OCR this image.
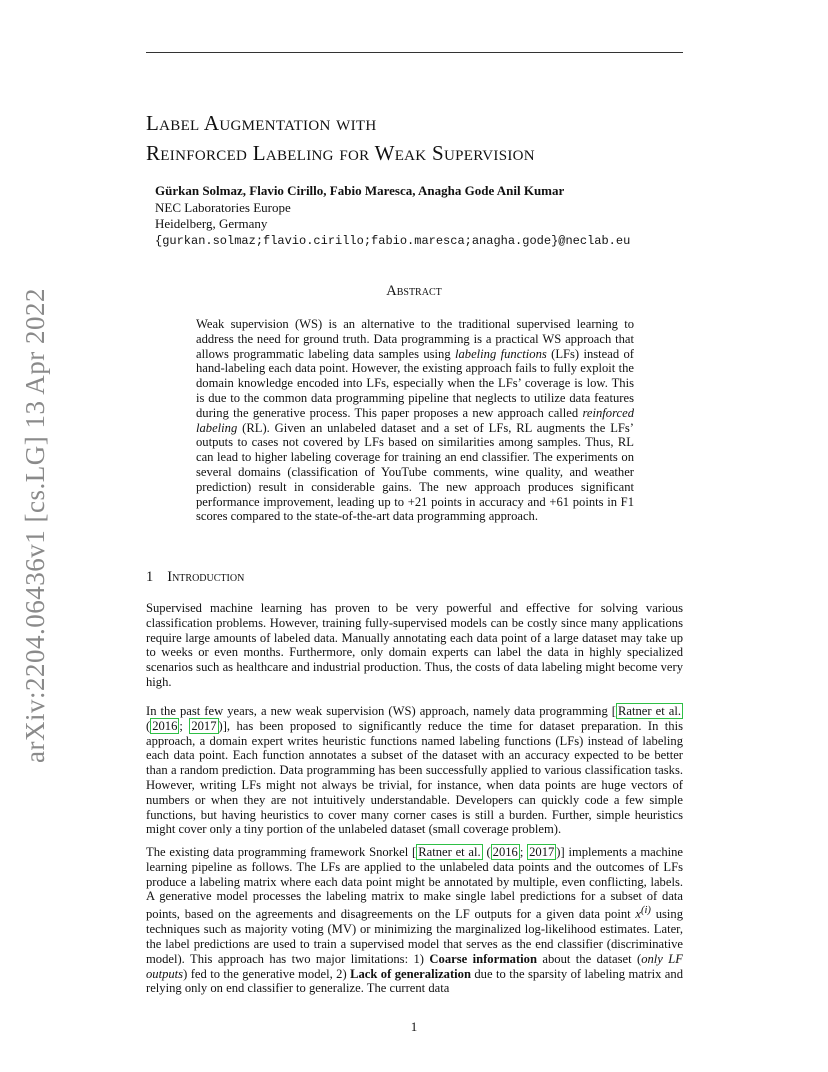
arXiv:2204.06436v1 [cs.LG] 13 Apr 2022
Label Augmentation with
Reinforced Labeling for Weak Supervision
Gürkan Solmaz, Flavio Cirillo, Fabio Maresca, Anagha Gode Anil Kumar
NEC Laboratories Europe
Heidelberg, Germany
{gurkan.solmaz;flavio.cirillo;fabio.maresca;anagha.gode}@neclab.eu
Abstract

Weak supervision (WS) is an alternative to the traditional supervised learning to address the need for ground truth. Data programming is a practical WS approach that allows programmatic labeling data samples using labeling functions (LFs) instead of hand-labeling each data point. However, the existing approach fails to fully exploit the domain knowledge encoded into LFs, especially when the LFs’ coverage is low. This is due to the common data programming pipeline that neglects to utilize data features during the generative process. This paper proposes a new approach called reinforced labeling (RL). Given an unlabeled dataset and a set of LFs, RL augments the LFs’ outputs to cases not covered by LFs based on similarities among samples. Thus, RL can lead to higher labeling coverage for training an end classifier. The experiments on several domains (classification of YouTube comments, wine quality, and weather prediction) result in considerable gains. The new approach produces significant performance improvement, leading up to +21 points in accuracy and +61 points in F1 scores compared to the state-of-the-art data programming approach.

1 Introduction

Supervised machine learning has proven to be very powerful and effective for solving various classification problems. However, training fully-supervised models can be costly since many applications require large amounts of labeled data. Manually annotating each data point of a large dataset may take up to weeks or even months. Furthermore, only domain experts can label the data in highly specialized scenarios such as healthcare and industrial production. Thus, the costs of data labeling might become very high.

In the past few years, a new weak supervision (WS) approach, namely data programming [ Ratner et al. ( 2016 ; 2017 )], has been proposed to significantly reduce the time for dataset preparation. In this approach, a domain expert writes heuristic functions named labeling functions (LFs) instead of labeling each data point. Each function annotates a subset of the dataset with an accuracy expected to be better than a random prediction. Data programming has been successfully applied to various classification tasks. However, writing LFs might not always be trivial, for instance, when data points are huge vectors of numbers or when they are not intuitively understandable. Developers can quickly code a few simple functions, but having heuristics to cover many corner cases is still a burden. Further, simple heuristics might cover only a tiny portion of the unlabeled dataset (small coverage problem).

The existing data programming framework Snorkel [ Ratner et al. ( 2016 ; 2017 )] implements a machine learning pipeline as follows. The LFs are applied to the unlabeled data points and the outcomes of LFs produce a labeling matrix where each data point might be annotated by multiple, even conflicting, labels. A generative model processes the labeling matrix to make single label predictions for a subset of data points, based on the agreements and disagreements on the LF outputs for a given data point $x^{(i)}$ using techniques such as majority voting (MV) or minimizing the marginalized log-likelihood estimates. Later, the label predictions are used to train a supervised model that serves as the end classifier (discriminative model). This approach has two major limitations: 1) Coarse information about the dataset (only LF outputs) fed to the generative model, 2) Lack of generalization due to the sparsity of labeling matrix and relying only on end classifier to generalize. The current data

1
